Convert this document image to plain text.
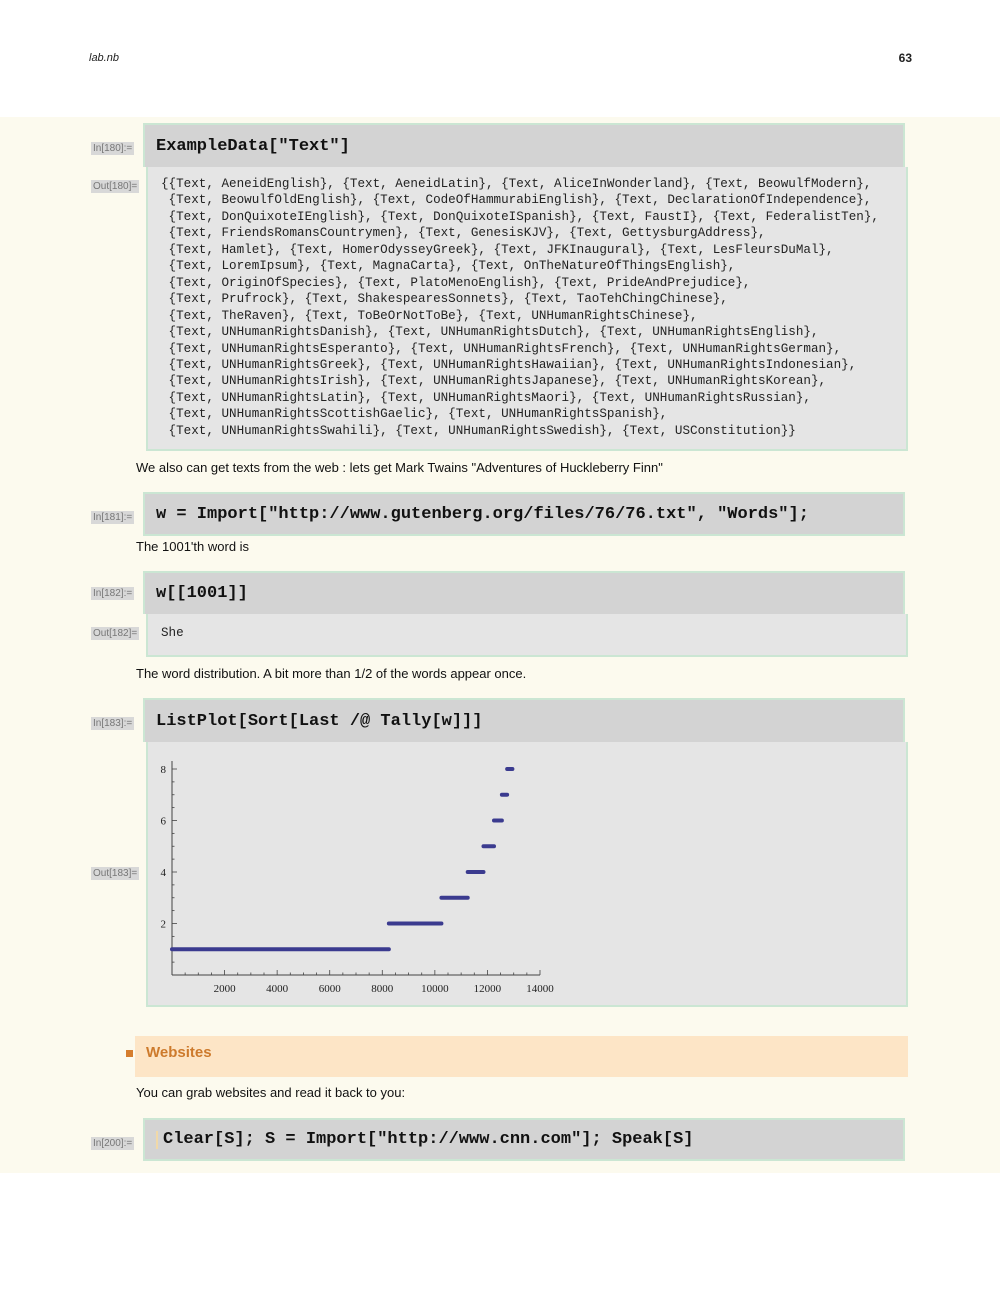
lab.nb	63
In[180]:=	ExampleData["Text"]
Out[180]=	{{Text, AeneidEnglish}, {Text, AeneidLatin}, {Text, AliceInWonderland}, {Text, BeowulfModern},
{Text, BeowulfOldEnglish}, {Text, CodeOfHammurabiEnglish}, {Text, DeclarationOfIndependence},
{Text, DonQuixoteIEnglish}, {Text, DonQuixoteISpanish}, {Text, FaustI}, {Text, FederalistTen},
{Text, FriendsRomansCountrymen}, {Text, GenesisKJV}, {Text, GettysburgAddress},
{Text, Hamlet}, {Text, HomerOdysseyGreek}, {Text, JFKInaugural}, {Text, LesFleursDuMal},
{Text, LoremIpsum}, {Text, MagnaCarta}, {Text, OnTheNatureOfThingsEnglish},
{Text, OriginOfSpecies}, {Text, PlatoMenoEnglish}, {Text, PrideAndPrejudice},
{Text, Prufrock}, {Text, ShakespearesSonnets}, {Text, TaoTehChingChinese},
{Text, TheRaven}, {Text, ToBeOrNotToBe}, {Text, UNHumanRightsChinese},
{Text, UNHumanRightsDanish}, {Text, UNHumanRightsDutch}, {Text, UNHumanRightsEnglish},
{Text, UNHumanRightsEsperanto}, {Text, UNHumanRightsFrench}, {Text, UNHumanRightsGerman},
{Text, UNHumanRightsGreek}, {Text, UNHumanRightsHawaiian}, {Text, UNHumanRightsIndonesian},
{Text, UNHumanRightsIrish}, {Text, UNHumanRightsJapanese}, {Text, UNHumanRightsKorean},
{Text, UNHumanRightsLatin}, {Text, UNHumanRightsMaori}, {Text, UNHumanRightsRussian},
{Text, UNHumanRightsScottishGaelic}, {Text, UNHumanRightsSpanish},
{Text, UNHumanRightsSwahili}, {Text, UNHumanRightsSwedish}, {Text, USConstitution}}
We also can get texts from the web : lets get Mark Twains "Adventures of Huckleberry Finn"
In[181]:=	w = Import["http://www.gutenberg.org/files/76/76.txt", "Words"];
The 1001'th word is
In[182]:=	w[[1001]]
Out[182]=	She
The word distribution. A bit more than 1/2 of the words appear once.
In[183]:=	ListPlot[Sort[Last /@ Tally[w]]]
Out[183]=
2000	4000	6000	8000	10000 12000 14000
2
4
6
8
Websites
You can grab websites and read it back to you:
In[200]:= Clear[S]; S = Import["http://www.cnn.com"]; Speak[S]
